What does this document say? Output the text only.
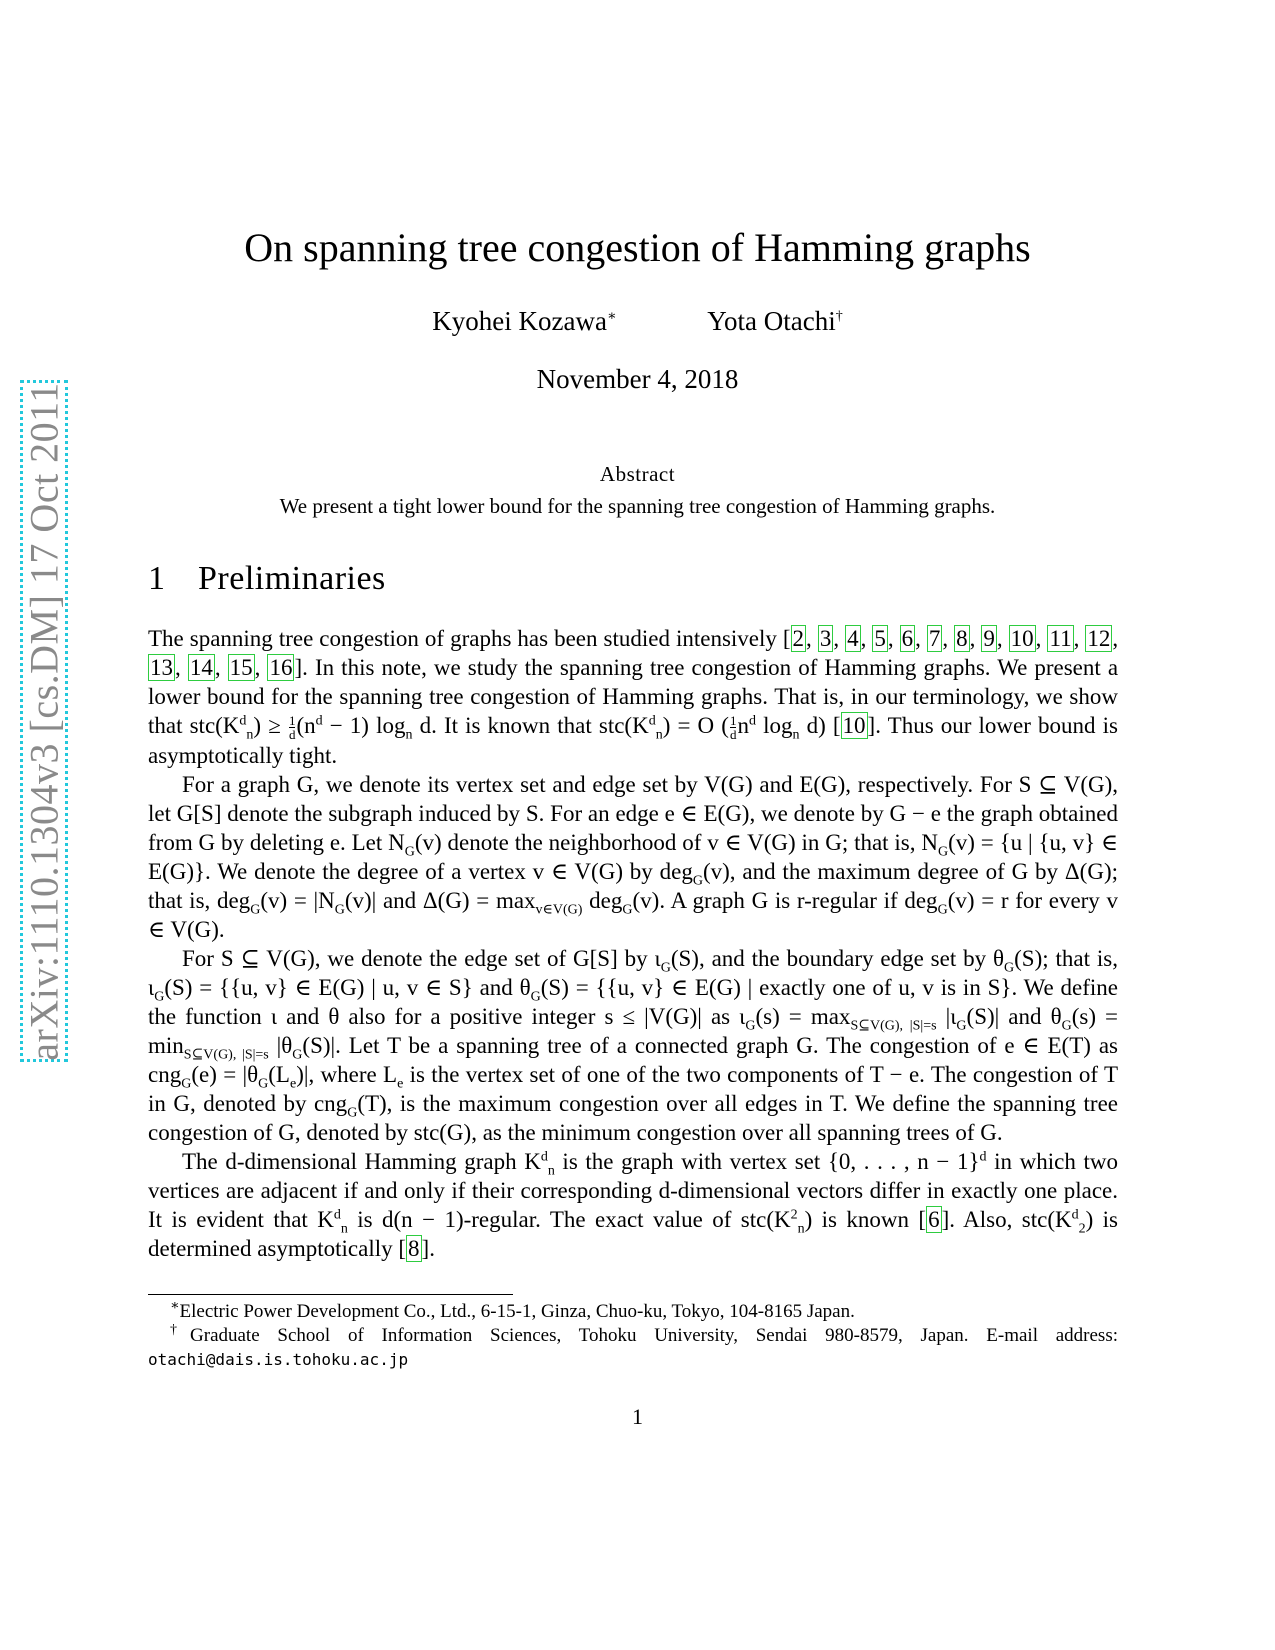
arXiv:1110.1304v3 [cs.DM] 17 Oct 2011
On spanning tree congestion of Hamming graphs
Kyohei Kozawa∗	Yota Otachi†
November 4, 2018
Abstract
We present a tight lower bound for the spanning tree congestion of Hamming graphs.
1 Preliminaries

The spanning tree congestion of graphs has been studied intensively [2, 3, 4, 5, 6, 7, 8, 9, 10, 11, 12, 13, 14, 15, 16]. In this note, we study the spanning tree congestion of Hamming graphs. We present a lower bound for the spanning tree congestion of Hamming graphs. That is, in our terminology, we show that $stc(K^d_n) \ge \frac{1}{d} (n^d - 1)$ $\log_n d$. It is known that $stc(K^d_n) = O$ ( $\frac{1}{d} n^d$ $\log_n d$) [10]. Thus our lower bound is asymptotically tight.

For a graph G, we denote its vertex set and edge set by V(G) and E(G), respectively. For S ⊆ V(G), let G[S] denote the subgraph induced by S. For an edge e ∈ E(G), we denote by G − e the graph obtained from G by deleting e. Let $N_G(v)$ denote the neighborhood of v ∈ V(G) in G; that is, $N_G(v) = \{u$ | {u, v} ∈ E(G)}. We denote the degree of a vertex v ∈ V(G) by deg$_G$(v), and the maximum degree of G by Δ(G); that is, $deg_G(v) = |N_G(v)|$ and $\Delta(G) = \max_{v\in V(G)} deg_G(v)$. A graph G is r-regular if deg$_G$(v) = r for every v ∈ V(G).

For S ⊆ V(G), we denote the edge set of G[S] by $\iota_G(S)$, and the boundary edge set by $\theta_G(S)$; that is, $\iota_G(S) = \{\{u$, v} ∈ E(G) | u, v ∈ S} and $\theta_G(S) = \{\{u$, v} ∈ E(G) | exactly one of u, v is in S}. We define the function ι and θ also for a positive integer s ≤ |V(G)| as $\iota_G(s) = \max_{S⊆V(G), |S|=s} |\iota_G(S)|$ and $\theta_G(s) = \min_{S⊆V(G), |S|=s} |\theta_G(S)|$. Let T be a spanning tree of a connected graph G. The congestion of e ∈ E(T) as $cng_G(e) = |\theta_G(L_e)|$, where $L_e$ is the vertex set of one of the two components of T − e. The congestion of T in G, denoted by cng$_G$(T), is the maximum congestion over all edges in T. We define the spanning tree congestion of G, denoted by stc(G), as the minimum congestion over all spanning trees of G.

The d-dimensional Hamming graph $K^d_n$ is the graph with vertex set {0, . . . , n − 1}$^d$ in which two vertices are adjacent if and only if their corresponding d-dimensional vectors differ in exactly one place. It is evident that $K^d_n$ is d(n − 1)-regular. The exact value of $stc(K^2_n)$ is known [6]. Also, $stc(K^d_2)$ is determined asymptotically [8].

∗Electric Power Development Co., Ltd., 6-15-1, Ginza, Chuo-ku, Tokyo, 104-8165 Japan.

†Graduate School of Information Sciences, Tohoku University, Sendai 980-8579, Japan. E-mail address: otachi@dais.is.tohoku.ac.jp

1
